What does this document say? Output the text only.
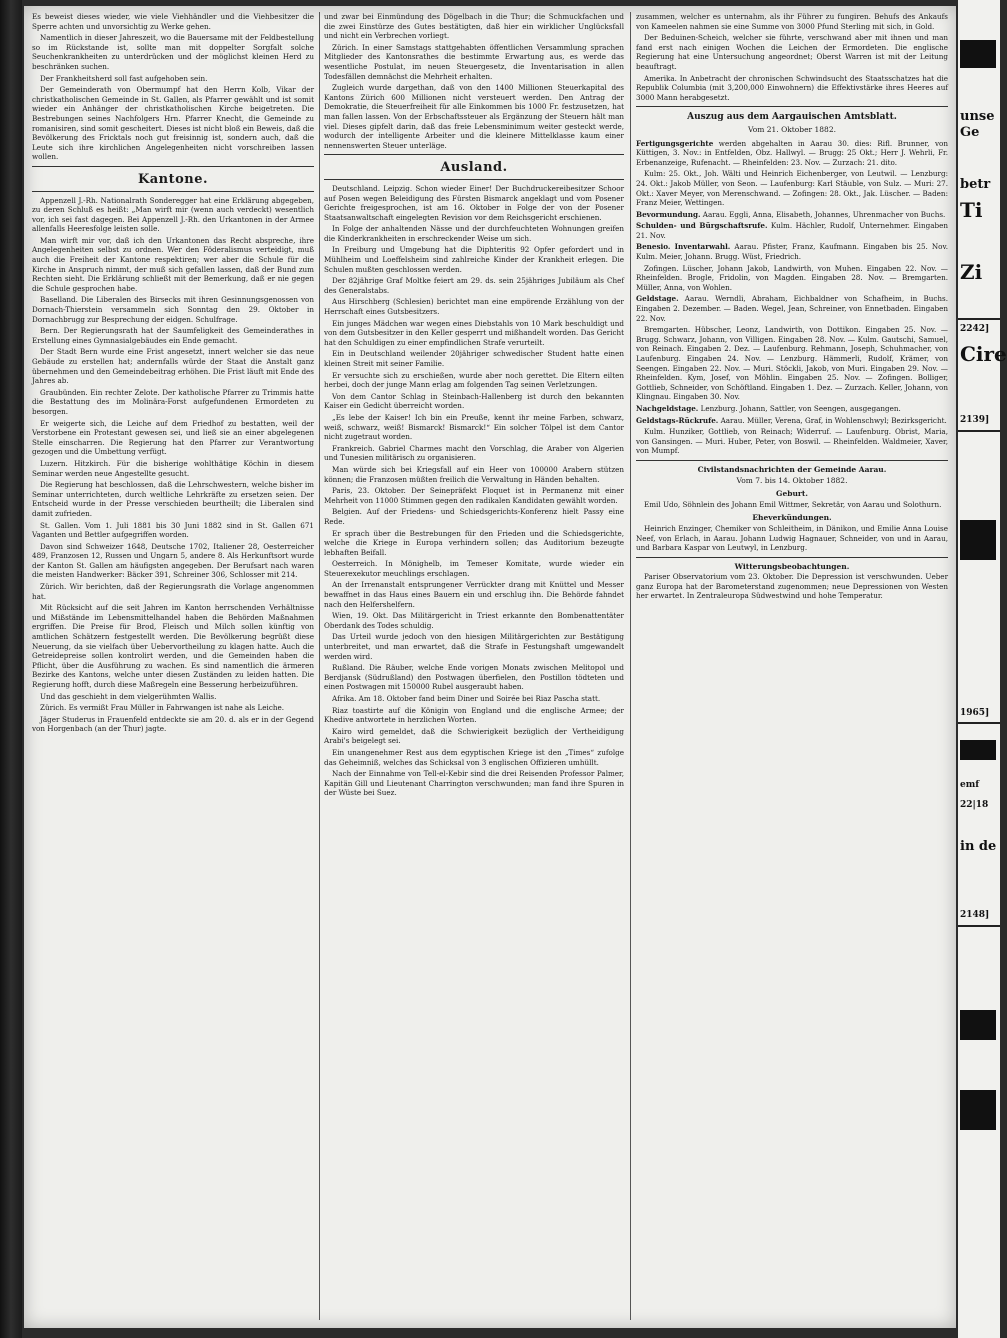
Es beweist dieses wieder, wie viele Viehhändler und die Viehbesitzer die Sperre achten und unvorsichtig zu Werke gehen.

Namentlich in dieser Jahreszeit, wo die Bauersame mit der Feldbestellung so im Rückstande ist, sollte man mit doppelter Sorgfalt solche Seuchenkrankheiten zu unterdrücken und der möglichst kleinen Herd zu beschränken suchen.

Der Frankheitsherd soll fast aufgehoben sein.

Der Gemeinderath von Obermumpf hat den Herrn Kolb, Vikar der christkatholischen Gemeinde in St. Gallen, als Pfarrer gewählt und ist somit wieder ein Anhänger der christkatholischen Kirche beigetreten. Die Bestrebungen seines Nachfolgers Hrn. Pfarrer Knecht, die Gemeinde zu romanisiren, sind somit gescheitert. Dieses ist nicht bloß ein Beweis, daß die Bevölkerung des Fricktals noch gut freisinnig ist, sondern auch, daß die Leute sich ihre kirchlichen Angelegenheiten nicht vorschreiben lassen wollen.

Kantone.

Appenzell J.-Rh. Nationalrath Sonderegger hat eine Erklärung abgegeben, zu deren Schluß es heißt: „Man wirft mir (wenn auch verdeckt) wesentlich vor, ich sei fast dagegen. Bei Appenzell J.-Rh. den Urkantonen in der Armee allenfalls Heeresfolge leisten solle.

Man wirft mir vor, daß ich den Urkantonen das Recht abspreche, ihre Angelegenheiten selbst zu ordnen. Wer den Föderalismus verteidigt, muß auch die Freiheit der Kantone respektiren; wer aber die Schule für die Kirche in Anspruch nimmt, der muß sich gefallen lassen, daß der Bund zum Rechten sieht. Die Erklärung schließt mit der Bemerkung, daß er nie gegen die Schule gesprochen habe.

Baselland. Die Liberalen des Birsecks mit ihren Gesinnungsgenossen von Dornach-Thierstein versammeln sich Sonntag den 29. Oktober in Dornachbrugg zur Besprechung der eidgen. Schulfrage.

Bern. Der Regierungsrath hat der Saumfeligkeit des Gemeinderathes in Erstellung eines Gymnasialgebäudes ein Ende gemacht.

Der Stadt Bern wurde eine Frist angesetzt, innert welcher sie das neue Gebäude zu erstellen hat; andernfalls würde der Staat die Anstalt ganz übernehmen und den Gemeindebeitrag erhöhen. Die Frist läuft mit Ende des Jahres ab.

Graubünden. Ein rechter Zelote. Der katholische Pfarrer zu Trimmis hatte die Bestattung des im Molinära-Forst aufgefundenen Ermordeten zu besorgen.

Er weigerte sich, die Leiche auf dem Friedhof zu bestatten, weil der Verstorbene ein Protestant gewesen sei, und ließ sie an einer abgelegenen Stelle einscharren. Die Regierung hat den Pfarrer zur Verantwortung gezogen und die Umbettung verfügt.

Luzern. Hitzkirch. Für die bisherige wohlthätige Köchin in diesem Seminar werden neue Angestellte gesucht.

Die Regierung hat beschlossen, daß die Lehrschwestern, welche bisher im Seminar unterrichteten, durch weltliche Lehrkräfte zu ersetzen seien. Der Entscheid wurde in der Presse verschieden beurtheilt; die Liberalen sind damit zufrieden.

St. Gallen. Vom 1. Juli 1881 bis 30 Juni 1882 sind in St. Gallen 671 Vaganten und Bettler aufgegriffen worden.

Davon sind Schweizer 1648, Deutsche 1702, Italiener 28, Oesterreicher 489, Franzosen 12, Russen und Ungarn 5, andere 8. Als Herkunftsort wurde der Kanton St. Gallen am häufigsten angegeben. Der Berufsart nach waren die meisten Handwerker: Bäcker 391, Schreiner 306, Schlosser mit 214.

Zürich. Wir berichten, daß der Regierungsrath die Vorlage angenommen hat.

Mit Rücksicht auf die seit Jahren im Kanton herrschenden Verhältnisse und Mißstände im Lebensmittelhandel haben die Behörden Maßnahmen ergriffen. Die Preise für Brod, Fleisch und Milch sollen künftig von amtlichen Schätzern festgestellt werden. Die Bevölkerung begrüßt diese Neuerung, da sie vielfach über Uebervortheilung zu klagen hatte. Auch die Getreidepreise sollen kontrolirt werden, und die Gemeinden haben die Pflicht, über die Ausführung zu wachen. Es sind namentlich die ärmeren Bezirke des Kantons, welche unter diesen Zuständen zu leiden hatten. Die Regierung hofft, durch diese Maßregeln eine Besserung herbeizuführen.

Und das geschieht in dem vielgerühmten Wallis.

Zürich. Es vermißt Frau Müller in Fahrwangen ist nahe als Leiche.

Jäger Studerus in Frauenfeld entdeckte sie am 20. d. als er in der Gegend von Horgenbach (an der Thur) jagte.

und zwar bei Einmündung des Dögelbach in die Thur; die Schmuckfachen und die zwei Einstürze des Gutes bestätigten, daß hier ein wirklicher Unglücksfall und nicht ein Verbrechen vorliegt.

Zürich. In einer Samstags stattgehabten öffentlichen Versammlung sprachen Mitglieder des Kantonsrathes die bestimmte Erwartung aus, es werde das wesentliche Postulat, im neuen Steuergesetz, die Inventarisation in allen Todesfällen demnächst die Mehrheit erhalten.

Zugleich wurde dargethan, daß von den 1400 Millionen Steuerkapital des Kantons Zürich 600 Millionen nicht versteuert werden. Den Antrag der Demokratie, die Steuerfreiheit für alle Einkommen bis 1000 Fr. festzusetzen, hat man fallen lassen. Von der Erbschaftssteuer als Ergänzung der Steuern hält man viel. Dieses gipfelt darin, daß das freie Lebensminimum weiter gesteckt werde, wodurch der intelligente Arbeiter und die kleinere Mittelklasse kaum einer nennenswerten Steuer unterläge.

Ausland.

Deutschland. Leipzig. Schon wieder Einer! Der Buchdruckereibesitzer Schoor auf Posen wegen Beleidigung des Fürsten Bismarck angeklagt und vom Posener Gerichte freigesprochen, ist am 16. Oktober in Folge der von der Posener Staatsanwaltschaft eingelegten Revision vor dem Reichsgericht erschienen.

In Folge der anhaltenden Nässe und der durchfeuchteten Wohnungen greifen die Kinderkrankheiten in erschreckender Weise um sich.

In Freiburg und Umgebung hat die Diphteritis 92 Opfer gefordert und in Mühlheim und Loeffelsheim sind zahlreiche Kinder der Krankheit erlegen. Die Schulen mußten geschlossen werden.

Der 82jährige Graf Moltke feiert am 29. ds. sein 25jähriges Jubiläum als Chef des Generalstabs.

Aus Hirschberg (Schlesien) berichtet man eine empörende Erzählung von der Herrschaft eines Gutsbesitzers.

Ein junges Mädchen war wegen eines Diebstahls von 10 Mark beschuldigt und von dem Gutsbesitzer in den Keller gesperrt und mißhandelt worden. Das Gericht hat den Schuldigen zu einer empfindlichen Strafe verurteilt.

Ein in Deutschland weilender 20jähriger schwedischer Student hatte einen kleinen Streit mit seiner Familie.

Er versuchte sich zu erschießen, wurde aber noch gerettet. Die Eltern eilten herbei, doch der junge Mann erlag am folgenden Tag seinen Verletzungen.

Von dem Cantor Schlag in Steinbach-Hallenberg ist durch den bekannten Kaiser ein Gedicht überreicht worden.

„Es lebe der Kaiser! Ich bin ein Preuße, kennt ihr meine Farben, schwarz, weiß, schwarz, weiß! Bismarck! Bismarck!“ Ein solcher Tölpel ist dem Cantor nicht zugetraut worden.

Frankreich. Gabriel Charmes macht den Vorschlag, die Araber von Algerien und Tunesien militärisch zu organisieren.

Man würde sich bei Kriegsfall auf ein Heer von 100000 Arabern stützen können; die Franzosen müßten freilich die Verwaltung in Händen behalten.

Paris, 23. Oktober. Der Seinepräfekt Floquet ist in Permanenz mit einer Mehrheit von 11000 Stimmen gegen den radikalen Kandidaten gewählt worden.

Belgien. Auf der Friedens- und Schiedsgerichts-Konferenz hielt Passy eine Rede.

Er sprach über die Bestrebungen für den Frieden und die Schiedsgerichte, welche die Kriege in Europa verhindern sollen; das Auditorium bezeugte lebhaften Beifall.

Oesterreich. In Mönighelb, im Temeser Komitate, wurde wieder ein Steuerexekutor meuchlings erschlagen.

An der Irrenanstalt entsprungener Verrückter drang mit Knüttel und Messer bewaffnet in das Haus eines Bauern ein und erschlug ihn. Die Behörde fahndet nach den Helfershelfern.

Wien, 19. Okt. Das Militärgericht in Triest erkannte den Bombenattentäter Oberdank des Todes schuldig.

Das Urteil wurde jedoch von den hiesigen Militärgerichten zur Bestätigung unterbreitet, und man erwartet, daß die Strafe in Festungshaft umgewandelt werden wird.

Rußland. Die Räuber, welche Ende vorigen Monats zwischen Melitopol und Berdjansk (Südrußland) den Postwagen überfielen, den Postillon tödteten und einen Postwagen mit 150000 Rubel ausgeraubt haben.

Afrika. Am 18. Oktober fand beim Diner und Soirée bei Riaz Pascha statt.

Riaz toastirte auf die Königin von England und die englische Armee; der Khedive antwortete in herzlichen Worten.

Kairo wird gemeldet, daß die Schwierigkeit bezüglich der Vertheidigung Arabi's beigelegt sei.

Ein unangenehmer Rest aus dem egyptischen Kriege ist den „Times“ zufolge das Geheimniß, welches das Schicksal von 3 englischen Offizieren umhüllt.

Nach der Einnahme von Tell-el-Kebir sind die drei Reisenden Professor Palmer, Kapitän Gill und Lieutenant Charrington verschwunden; man fand ihre Spuren in der Wüste bei Suez.

zusammen, welcher es unternahm, als ihr Führer zu fungiren. Behufs des Ankaufs von Kameelen nahmen sie eine Summe von 3000 Pfund Sterling mit sich, in Gold.

Der Beduinen-Scheich, welcher sie führte, verschwand aber mit ihnen und man fand erst nach einigen Wochen die Leichen der Ermordeten. Die englische Regierung hat eine Untersuchung angeordnet; Oberst Warren ist mit der Leitung beauftragt.

Amerika. In Anbetracht der chronischen Schwindsucht des Staatsschatzes hat die Republik Columbia (mit 3,200,000 Einwohnern) die Effektivstärke ihres Heeres auf 3000 Mann herabgesetzt.

Auszug aus dem Aargauischen Amtsblatt.
Vom 21. Oktober 1882.

Fertigungsgerichte werden abgehalten in Aarau 30. dies: Rifl. Brunner, von Küttigen, 3. Nov.: in Entfelden, Obz. Hallwyl. — Brugg: 25 Okt.; Herr J. Wehrli, Fr. Erbenanzeige, Rufenacht. — Rheinfelden: 23. Nov. — Zurzach: 21. dito.

Kulm: 25. Okt., Joh. Wälti und Heinrich Eichenberger, von Leutwil. — Lenzburg: 24. Okt.: Jakob Müller, von Seon. — Laufenburg: Karl Stäuble, von Sulz. — Muri: 27. Okt.: Xaver Meyer, von Merenschwand. — Zofingen: 28. Okt., Jak. Lüscher. — Baden: Franz Meier, Wettingen.

Bevormundung. Aarau. Eggli, Anna, Elisabeth, Johannes, Uhrenmacher von Buchs.

Schulden- und Bürgschaftsrufe. Kulm. Hächler, Rudolf, Unternehmer. Eingaben 21. Nov.

Benesio. Inventarwahl. Aarau. Pfister, Franz, Kaufmann. Eingaben bis 25. Nov. Kulm. Meier, Johann. Brugg. Wüst, Friedrich.

Zofingen. Lüscher, Johann Jakob, Landwirth, von Muhen. Eingaben 22. Nov. — Rheinfelden. Brogle, Fridolin, von Magden. Eingaben 28. Nov. — Bremgarten. Müller, Anna, von Wohlen.

Geldstage. Aarau. Werndli, Abraham, Eichbaldner von Schafheim, in Buchs. Eingaben 2. Dezember. — Baden. Wegel, Jean, Schreiner, von Ennetbaden. Eingaben 22. Nov.

Bremgarten. Hübscher, Leonz, Landwirth, von Dottikon. Eingaben 25. Nov. — Brugg. Schwarz, Johann, von Villigen. Eingaben 28. Nov. — Kulm. Gautschi, Samuel, von Reinach. Eingaben 2. Dez. — Laufenburg. Rehmann, Joseph, Schuhmacher, von Laufenburg. Eingaben 24. Nov. — Lenzburg. Hämmerli, Rudolf, Krämer, von Seengen. Eingaben 22. Nov. — Muri. Stöckli, Jakob, von Muri. Eingaben 29. Nov. — Rheinfelden. Kym, Josef, von Möhlin. Eingaben 25. Nov. — Zofingen. Bolliger, Gottlieb, Schneider, von Schöftland. Eingaben 1. Dez. — Zurzach. Keller, Johann, von Klingnau. Eingaben 30. Nov.

Nachgeldstage. Lenzburg. Johann, Sattler, von Seengen, ausgegangen.

Geldstags-Rückrufe. Aarau. Müller, Verena, Graf, in Wohlenschwyl; Bezirksgericht.

Kulm. Hunziker, Gottlieb, von Reinach; Widerruf. — Laufenburg. Obrist, Maria, von Gansingen. — Muri. Huber, Peter, von Boswil. — Rheinfelden. Waldmeier, Xaver, von Mumpf.

Civilstandsnachrichten der Gemeinde Aarau.
Vom 7. bis 14. Oktober 1882.
Geburt.

Emil Udo, Söhnlein des Johann Emil Wittmer, Sekretär, von Aarau und Solothurn.

Eheverkündungen.

Heinrich Enzinger, Chemiker von Schleitheim, in Dänikon, und Emilie Anna Louise Neef, von Erlach, in Aarau. Johann Ludwig Hagnauer, Schneider, von und in Aarau, und Barbara Kaspar von Leutwyl, in Lenzburg.

Witterungsbeobachtungen.

Pariser Observatorium vom 23. Oktober. Die Depression ist verschwunden. Ueber ganz Europa hat der Barometerstand zugenommen; neue Depressionen von Westen her erwartet. In Zentraleuropa Südwestwind und hohe Temperatur.

unse
Ge
betr
Ti
Zi
2242]
Cire
2139]
1965]
emf
22|18
in de
2148]
